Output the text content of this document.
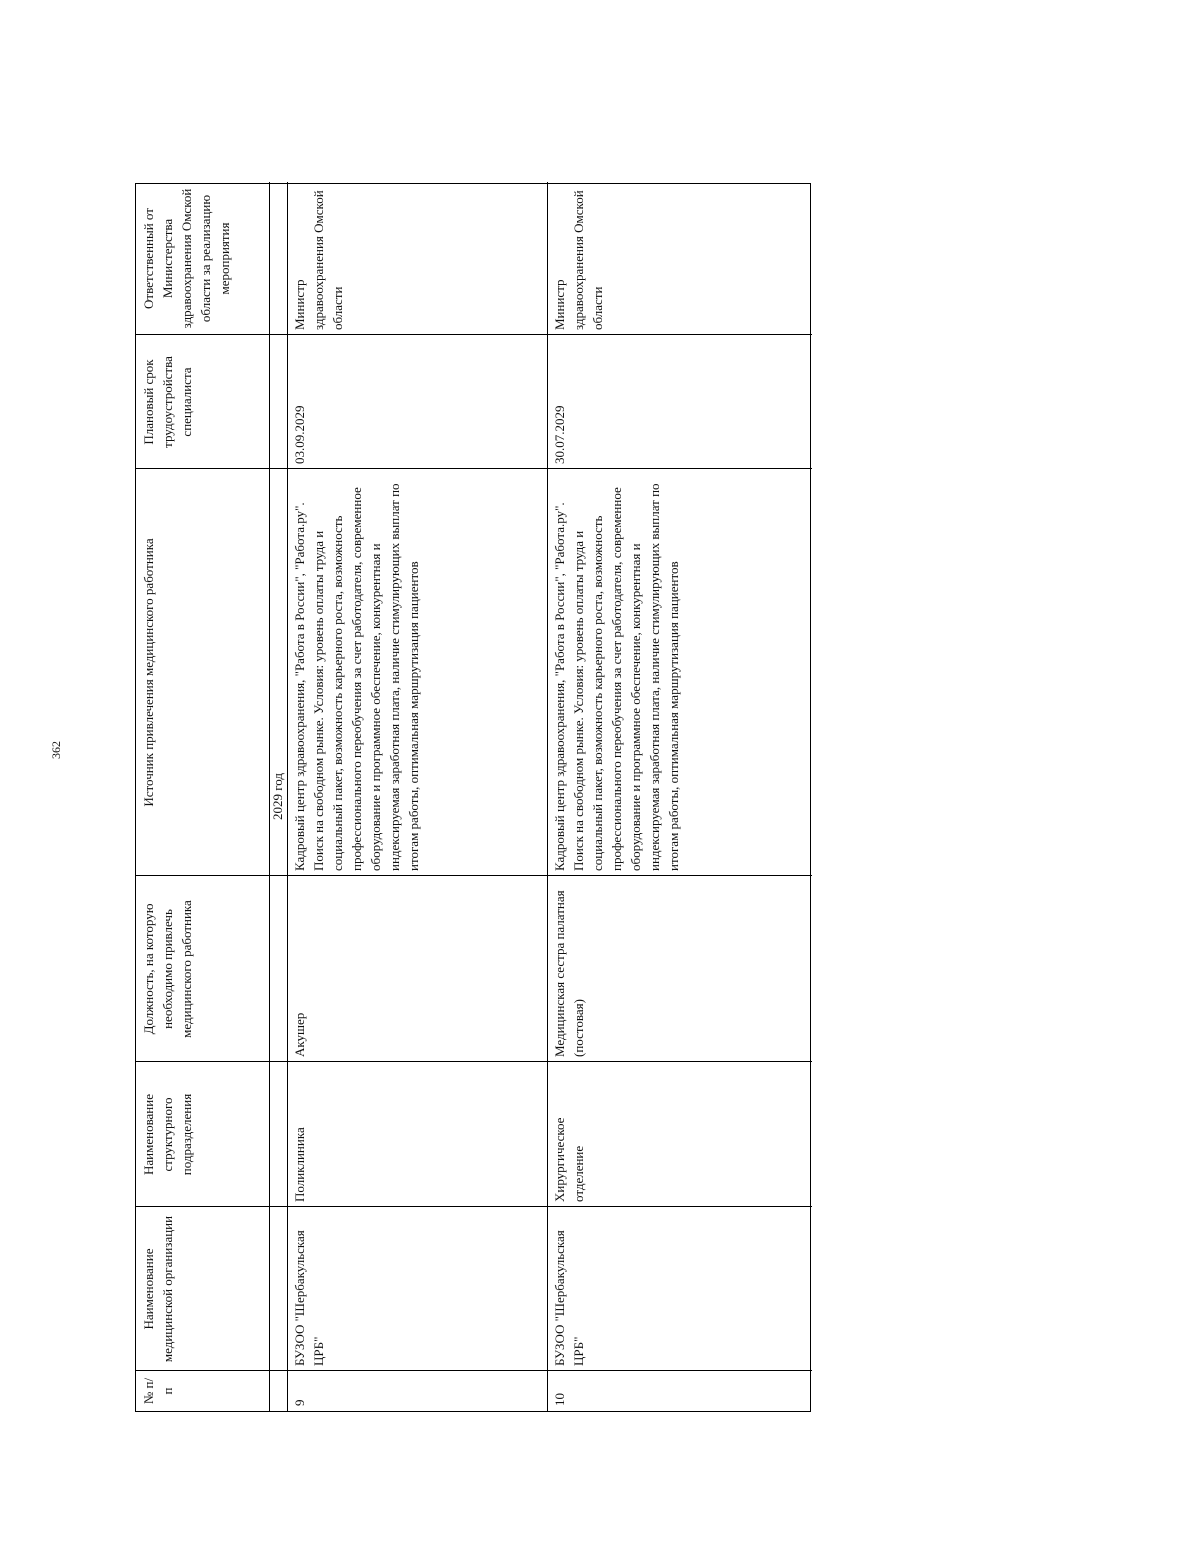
362
№ п/п
Наименование медицинской организации
Наименование структурного подразделения
Должность, на которую необходимо привлечь медицинского работника
Источник привлечения медицинского работника
Плановый срок трудоустройства специалиста
Ответственный от Министерства здравоохранения Омской области за реализацию мероприятия
2029 год
9
БУЗОО "Шербакульская ЦРБ"
Поликлиника
Акушер
Кадровый центр здравоохранения, "Работа в России", "Работа.ру". Поиск на свободном рынке. Условия: уровень оплаты труда и социальный пакет, возможность карьерного роста, возможность профессионального переобучения за счет работодателя, современное оборудование и программное обеспечение, конкурентная и индексируемая заработная плата, наличие стимулирующих выплат по итогам работы, оптимальная маршрутизация пациентов
03.09.2029
Министр здравоохранения Омской области
10
БУЗОО "Шербакульская ЦРБ"
Хирургическое отделение
Медицинская сестра палатная (постовая)
Кадровый центр здравоохранения, "Работа в России", "Работа.ру". Поиск на свободном рынке. Условия: уровень оплаты труда и социальный пакет, возможность карьерного роста, возможность профессионального переобучения за счет работодателя, современное оборудование и программное обеспечение, конкурентная и индексируемая заработная плата, наличие стимулирующих выплат по итогам работы, оптимальная маршрутизация пациентов
30.07.2029
Министр здравоохранения Омской области
